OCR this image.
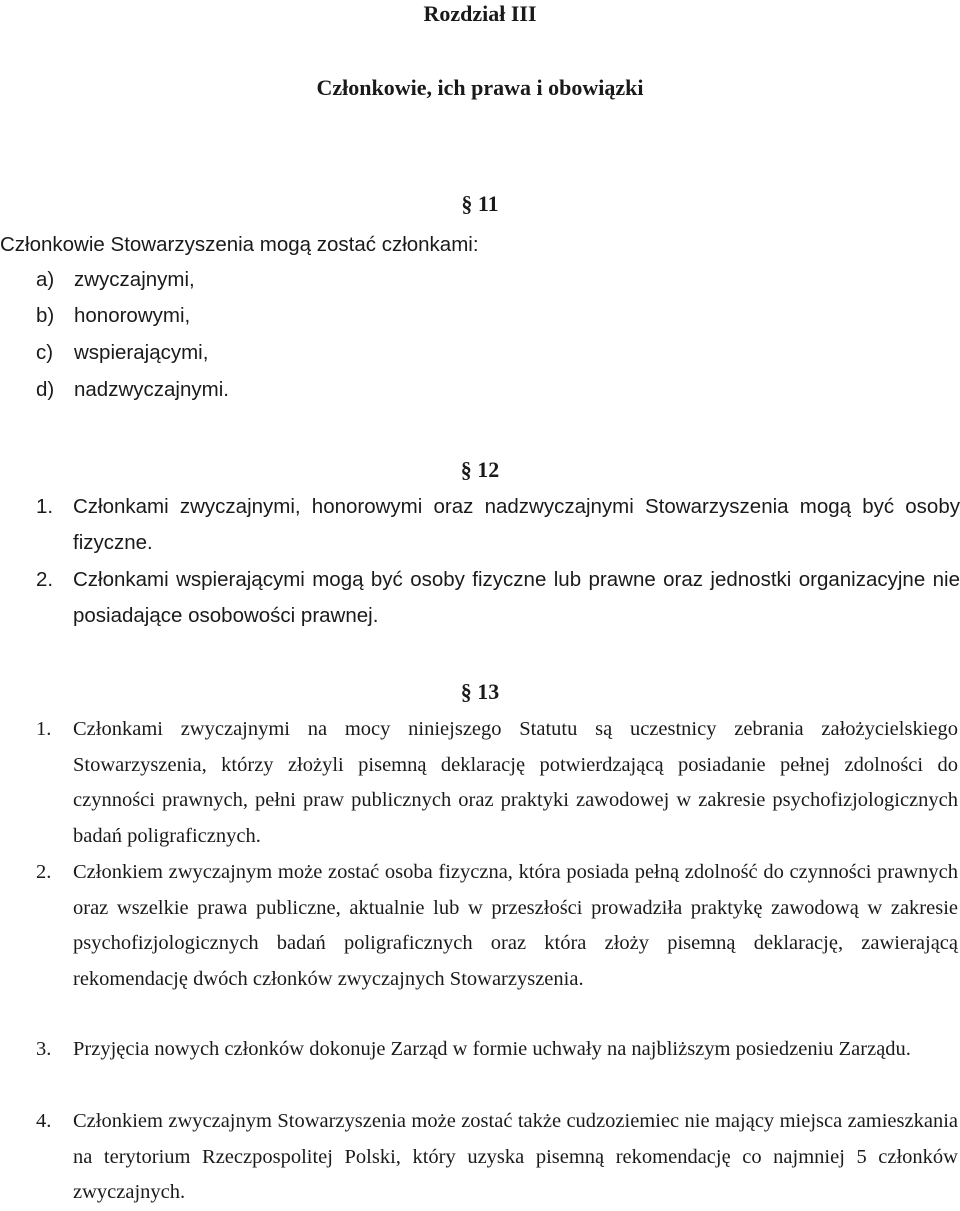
Rozdział III
Członkowie, ich prawa i obowiązki
§ 11
Członkowie Stowarzyszenia mogą zostać członkami:
a) zwyczajnymi,
b) honorowymi,
c) wspierającymi,
d) nadzwyczajnymi.
§ 12
1. Członkami zwyczajnymi, honorowymi oraz nadzwyczajnymi Stowarzyszenia mogą być osoby fizyczne.
2. Członkami wspierającymi mogą być osoby fizyczne lub prawne oraz jednostki organizacyjne nie posiadające osobowości prawnej.
§ 13
1. Członkami zwyczajnymi na mocy niniejszego Statutu są uczestnicy zebrania założycielskiego Stowarzyszenia, którzy złożyli pisemną deklarację potwierdzającą posiadanie pełnej zdolności do czynności prawnych, pełni praw publicznych oraz praktyki zawodowej w zakresie psychofizjologicznych badań poligraficznych.
2. Członkiem zwyczajnym może zostać osoba fizyczna, która posiada pełną zdolność do czynności prawnych oraz wszelkie prawa publiczne, aktualnie lub w przeszłości prowadziła praktykę zawodową w zakresie psychofizjologicznych badań poligraficznych oraz która złoży pisemną deklarację, zawierającą rekomendację dwóch członków zwyczajnych Stowarzyszenia.
3. Przyjęcia nowych członków dokonuje Zarząd w formie uchwały na najbliższym posiedzeniu Zarządu.
4. Członkiem zwyczajnym Stowarzyszenia może zostać także cudzoziemiec nie mający miejsca zamieszkania na terytorium Rzeczpospolitej Polski, który uzyska pisemną rekomendację co najmniej 5 członków zwyczajnych.
